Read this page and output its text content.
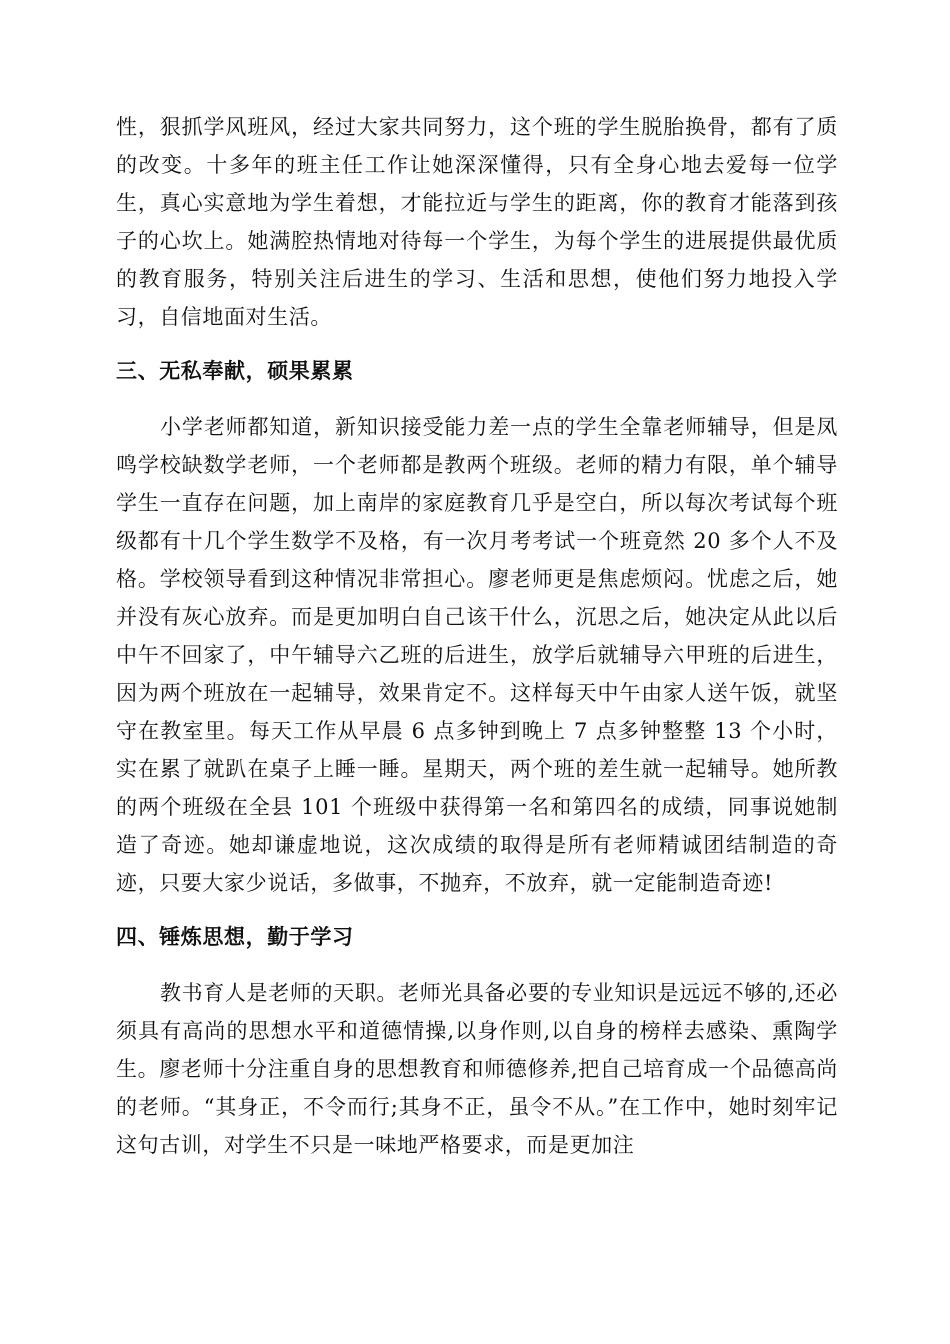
性，狠抓学风班风，经过大家共同努力，这个班的学生脱胎换骨，都有了质的改变。十多年的班主任工作让她深深懂得，只有全身心地去爱每一位学生，真心实意地为学生着想，才能拉近与学生的距离，你的教育才能落到孩子的心坎上。她满腔热情地对待每一个学生，为每个学生的进展提供最优质的教育服务，特别关注后进生的学习、生活和思想，使他们努力地投入学习，自信地面对生活。

三、无私奉献，硕果累累

小学老师都知道，新知识接受能力差一点的学生全靠老师辅导，但是凤鸣学校缺数学老师，一个老师都是教两个班级。老师的精力有限，单个辅导学生一直存在问题，加上南岸的家庭教育几乎是空白，所以每次考试每个班级都有十几个学生数学不及格，有一次月考考试一个班竟然 20 多个人不及格。学校领导看到这种情况非常担心。廖老师更是焦虑烦闷。忧虑之后，她并没有灰心放弃。而是更加明白自己该干什么，沉思之后，她决定从此以后中午不回家了，中午辅导六乙班的后进生，放学后就辅导六甲班的后进生，因为两个班放在一起辅导，效果肯定不。这样每天中午由家人送午饭，就坚守在教室里。每天工作从早晨 6 点多钟到晚上 7 点多钟整整 13 个小时，实在累了就趴在桌子上睡一睡。星期天，两个班的差生就一起辅导。她所教的两个班级在全县 101 个班级中获得第一名和第四名的成绩，同事说她制造了奇迹。她却谦虚地说，这次成绩的取得是所有老师精诚团结制造的奇迹，只要大家少说话，多做事，不抛弃，不放弃，就一定能制造奇迹!

四、锤炼思想，勤于学习

教书育人是老师的天职。老师光具备必要的专业知识是远远不够的,还必须具有高尚的思想水平和道德情操,以身作则,以自身的榜样去感染、熏陶学生。廖老师十分注重自身的思想教育和师德修养,把自己培育成一个品德高尚的老师。“其身正，不令而行;其身不正，虽令不从。”在工作中，她时刻牢记这句古训，对学生不只是一味地严格要求，而是更加注
